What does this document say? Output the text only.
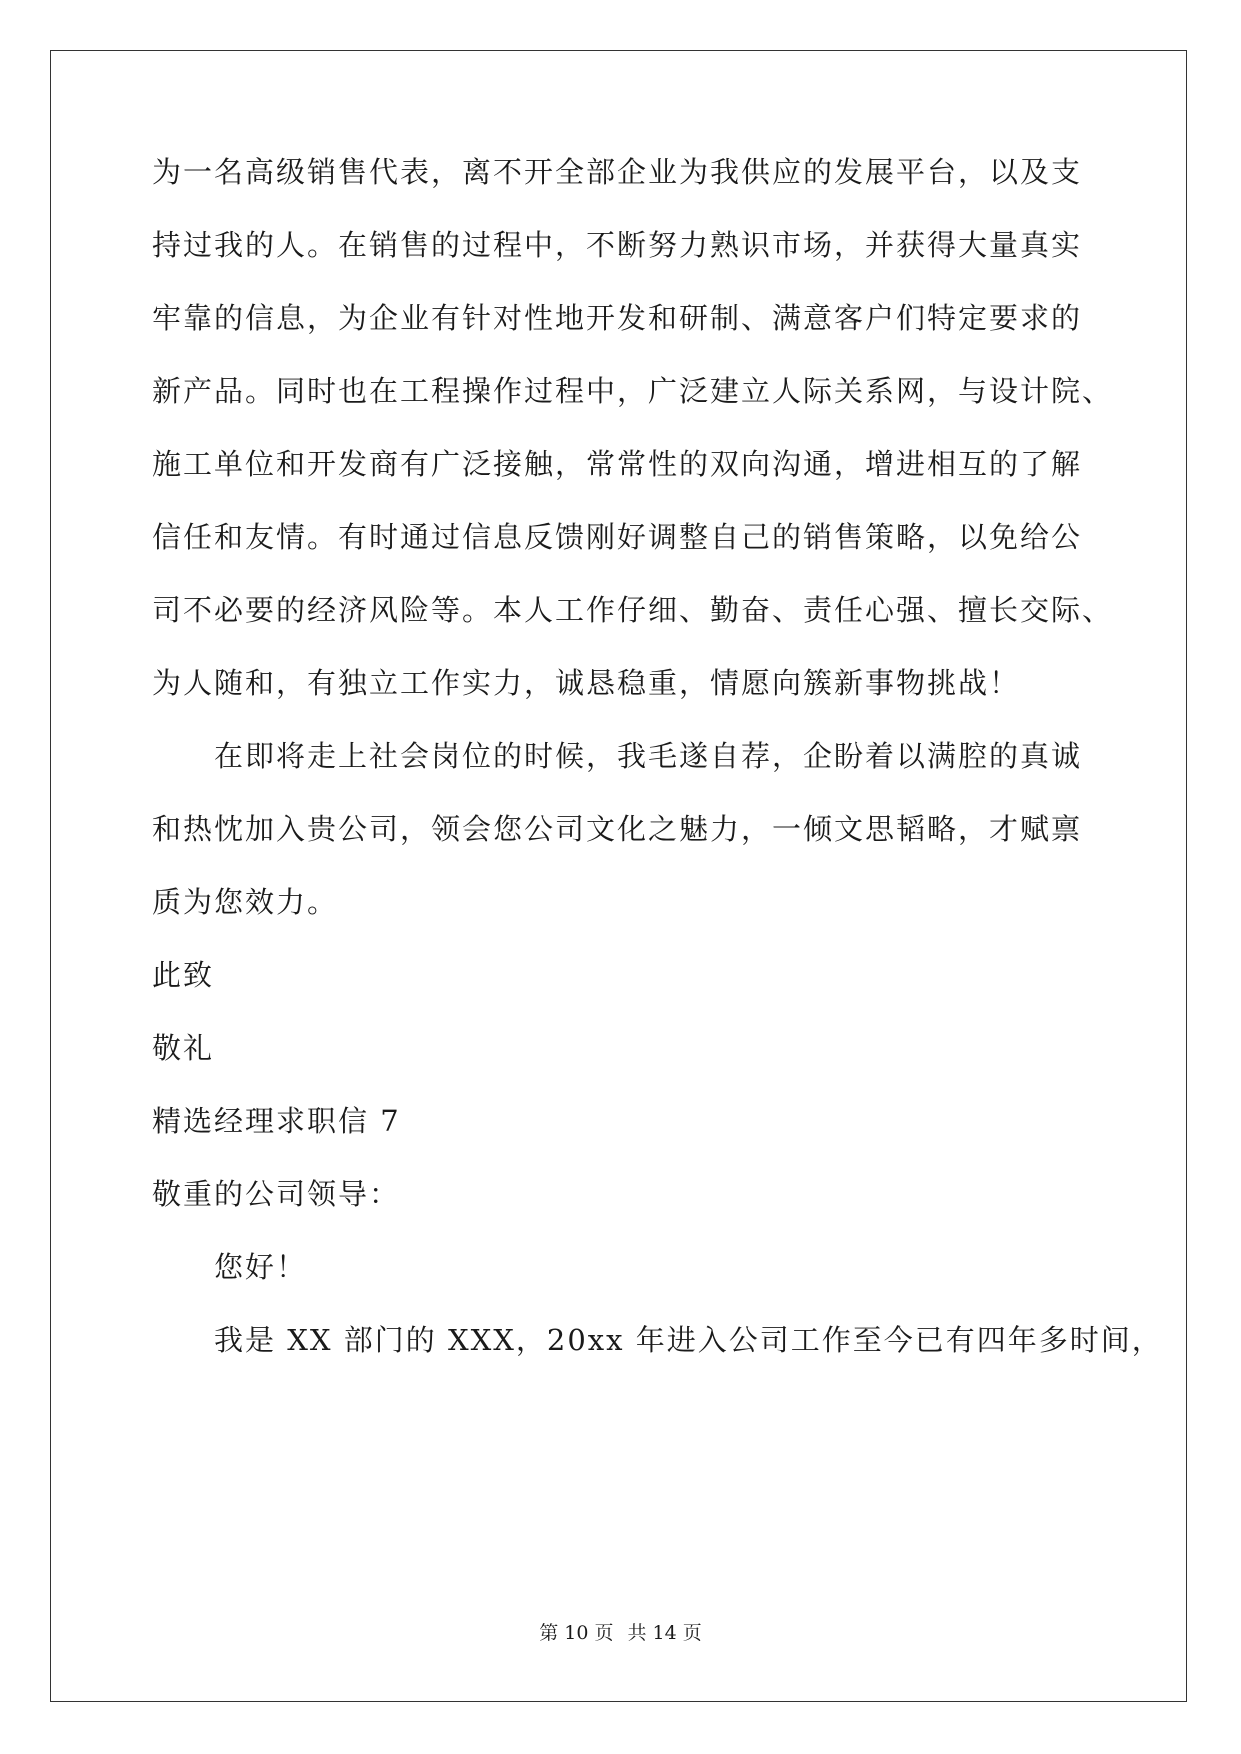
为一名高级销售代表，离不开全部企业为我供应的发展平台，以及支
持过我的人。在销售的过程中，不断努力熟识市场，并获得大量真实
牢靠的信息，为企业有针对性地开发和研制、满意客户们特定要求的
新产品。同时也在工程操作过程中，广泛建立人际关系网，与设计院、
施工单位和开发商有广泛接触，常常性的双向沟通，增进相互的了解
信任和友情。有时通过信息反馈刚好调整自己的销售策略，以免给公
司不必要的经济风险等。本人工作仔细、勤奋、责任心强、擅长交际、
为人随和，有独立工作实力，诚恳稳重，情愿向簇新事物挑战！
在即将走上社会岗位的时候，我毛遂自荐，企盼着以满腔的真诚
和热忱加入贵公司，领会您公司文化之魅力，一倾文思韬略，才赋禀
质为您效力。
此致
敬礼
精选经理求职信 7
敬重的公司领导：
您好！
我是 XX 部门的 XXX，20xx 年进入公司工作至今已有四年多时间，
第 10 页 共 14 页
